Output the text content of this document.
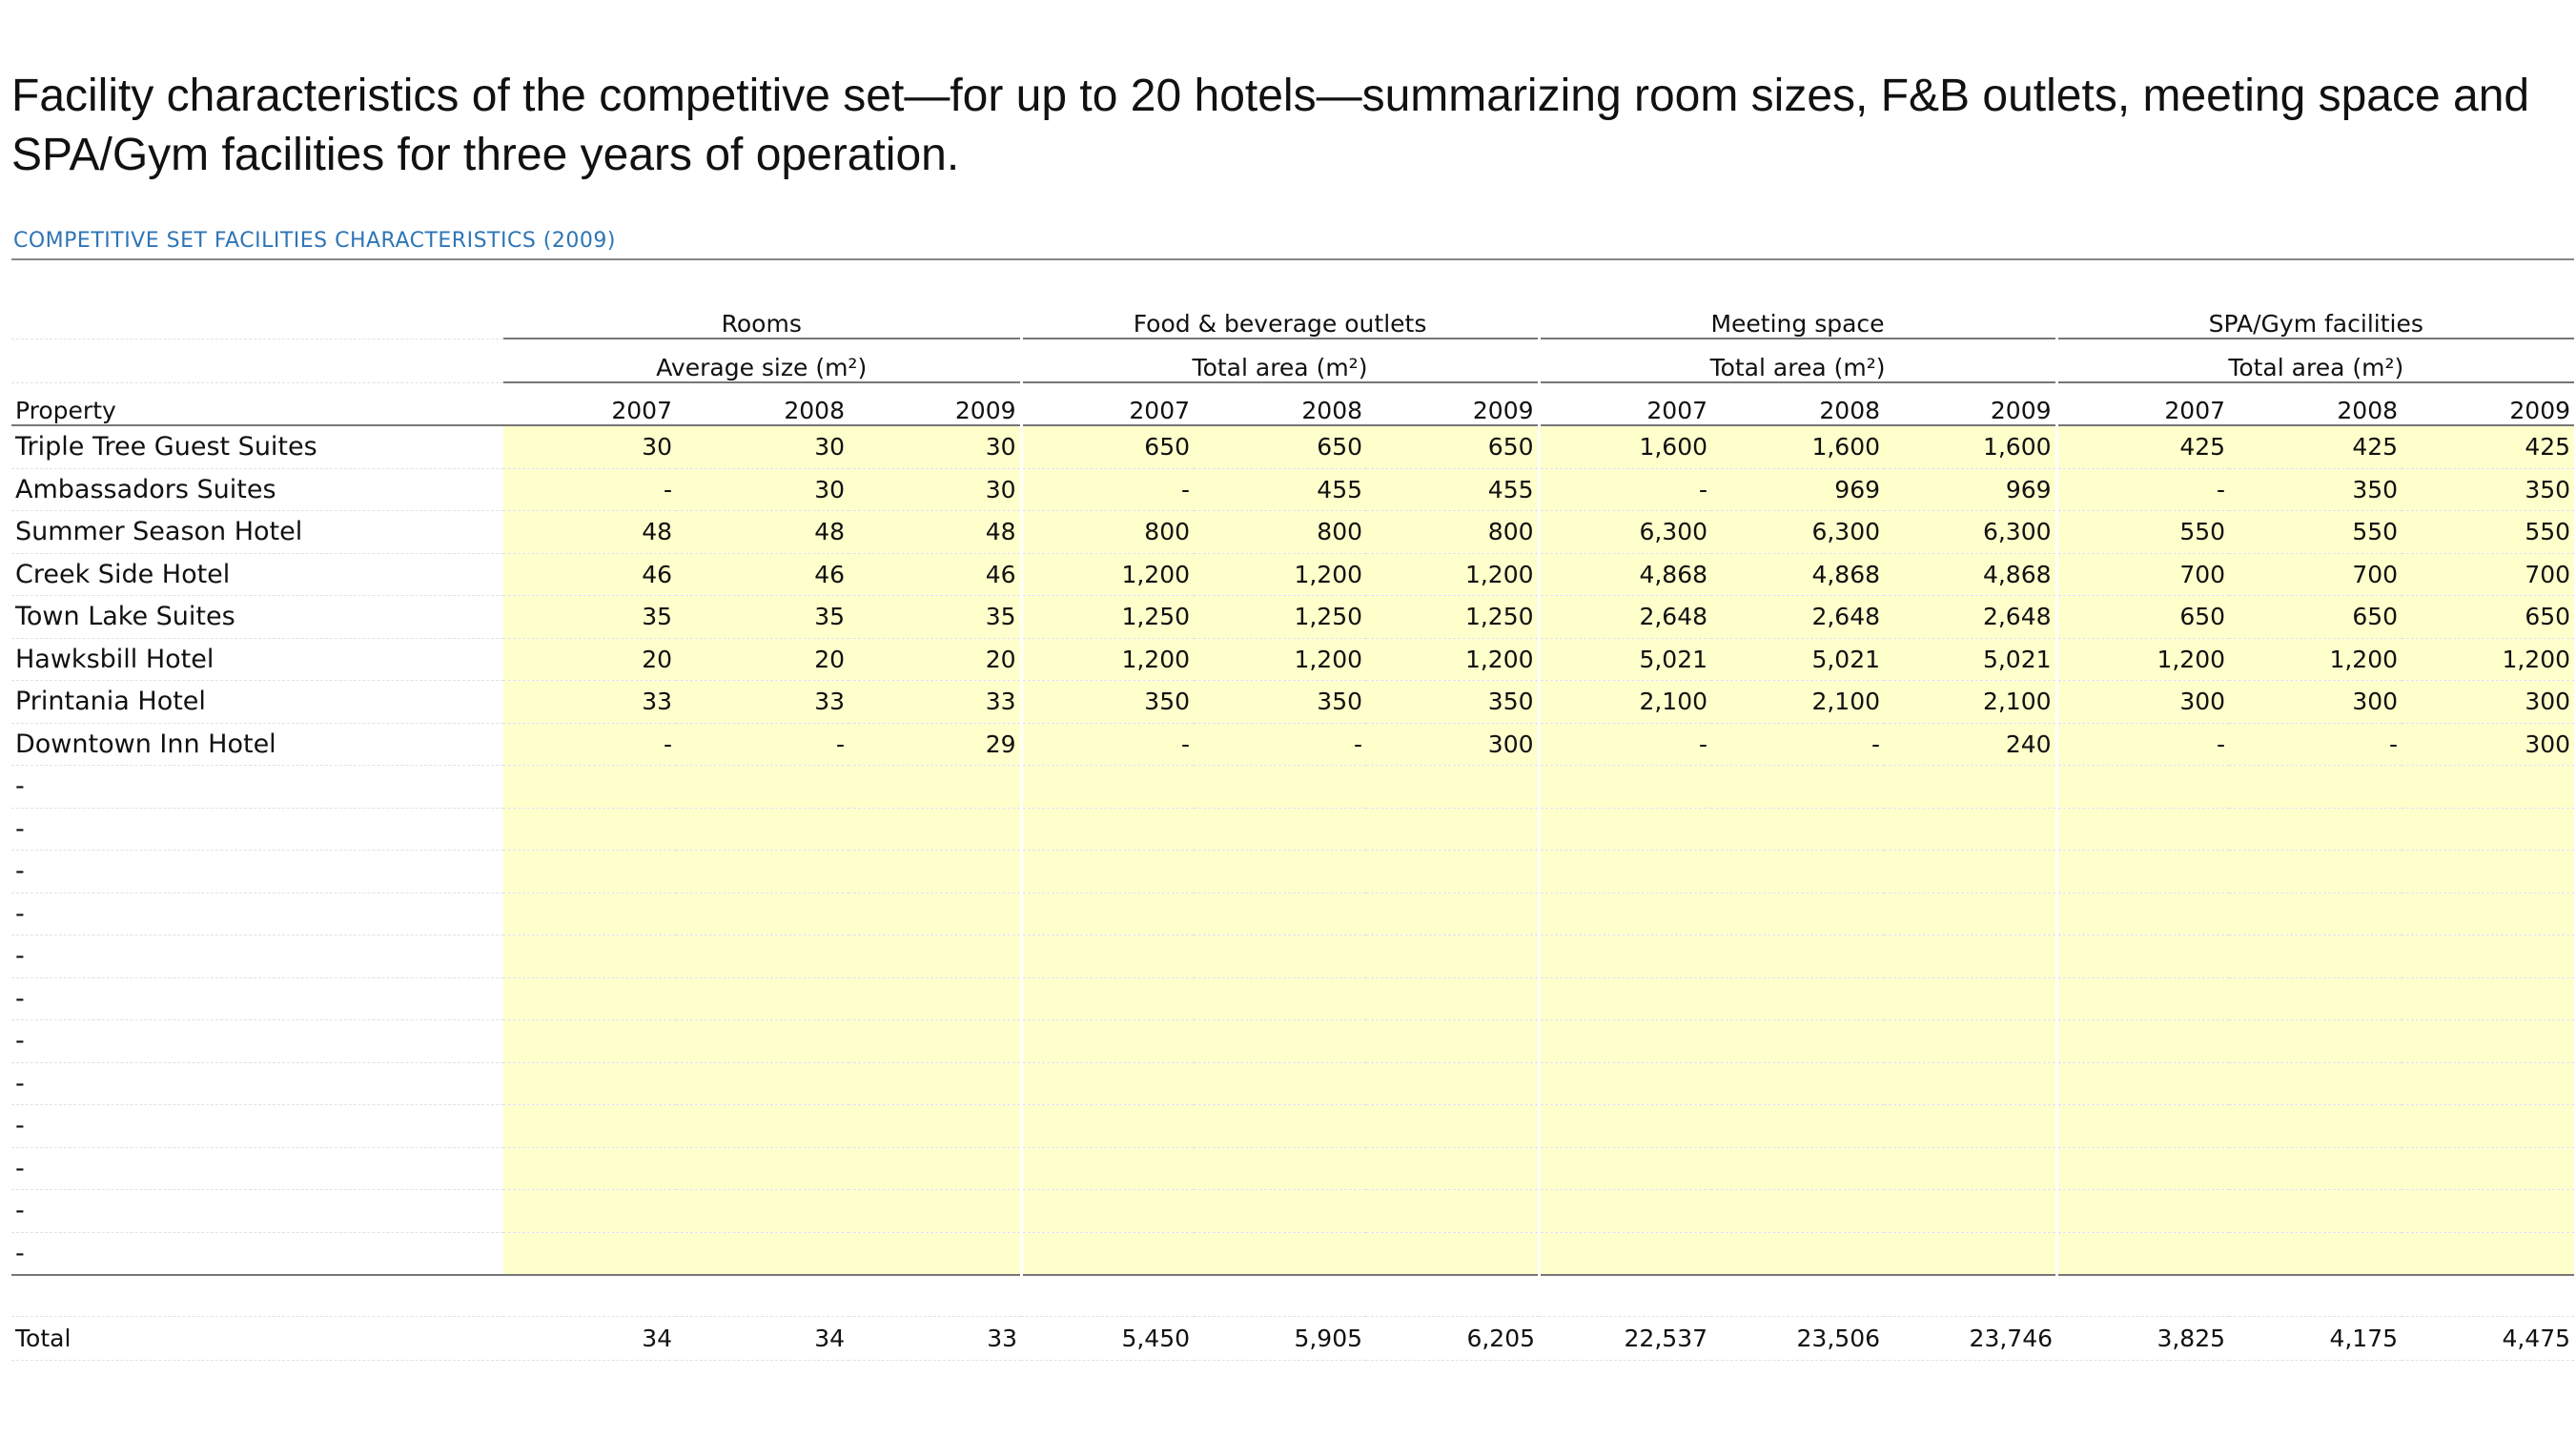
Facility characteristics of the competitive set—for up to 20 hotels—summarizing room sizes, F&B outlets, meeting space and SPA/Gym facilities for three years of operation.
COMPETITIVE SET FACILITIES CHARACTERISTICS (2009)
	Rooms			Food & beverage outlets			Meeting space			SPA/Gym facilities		
	Average size (m²)			Total area (m²)			Total area (m²)			Total area (m²)		
Property	2007	2008	2009	2007	2008	2009	2007	2008	2009	2007	2008	2009
Triple Tree Guest Suites	30	30	30	650	650	650	1,600	1,600	1,600	425	425	425
Ambassadors Suites	-	30	30	-	455	455	-	969	969	-	350	350
Summer Season Hotel	48	48	48	800	800	800	6,300	6,300	6,300	550	550	550
Creek Side Hotel	46	46	46	1,200	1,200	1,200	4,868	4,868	4,868	700	700	700
Town Lake Suites	35	35	35	1,250	1,250	1,250	2,648	2,648	2,648	650	650	650
Hawksbill Hotel	20	20	20	1,200	1,200	1,200	5,021	5,021	5,021	1,200	1,200	1,200
Printania Hotel	33	33	33	350	350	350	2,100	2,100	2,100	300	300	300
Downtown Inn Hotel	-	-	29	-	-	300	-	-	240	-	-	300
-												
-												
-												
-												
-												
-												
-												
-												
-												
-												
-												
-												

Total	34	34	33	5,450	5,905	6,205	22,537	23,506	23,746	3,825	4,175	4,475
